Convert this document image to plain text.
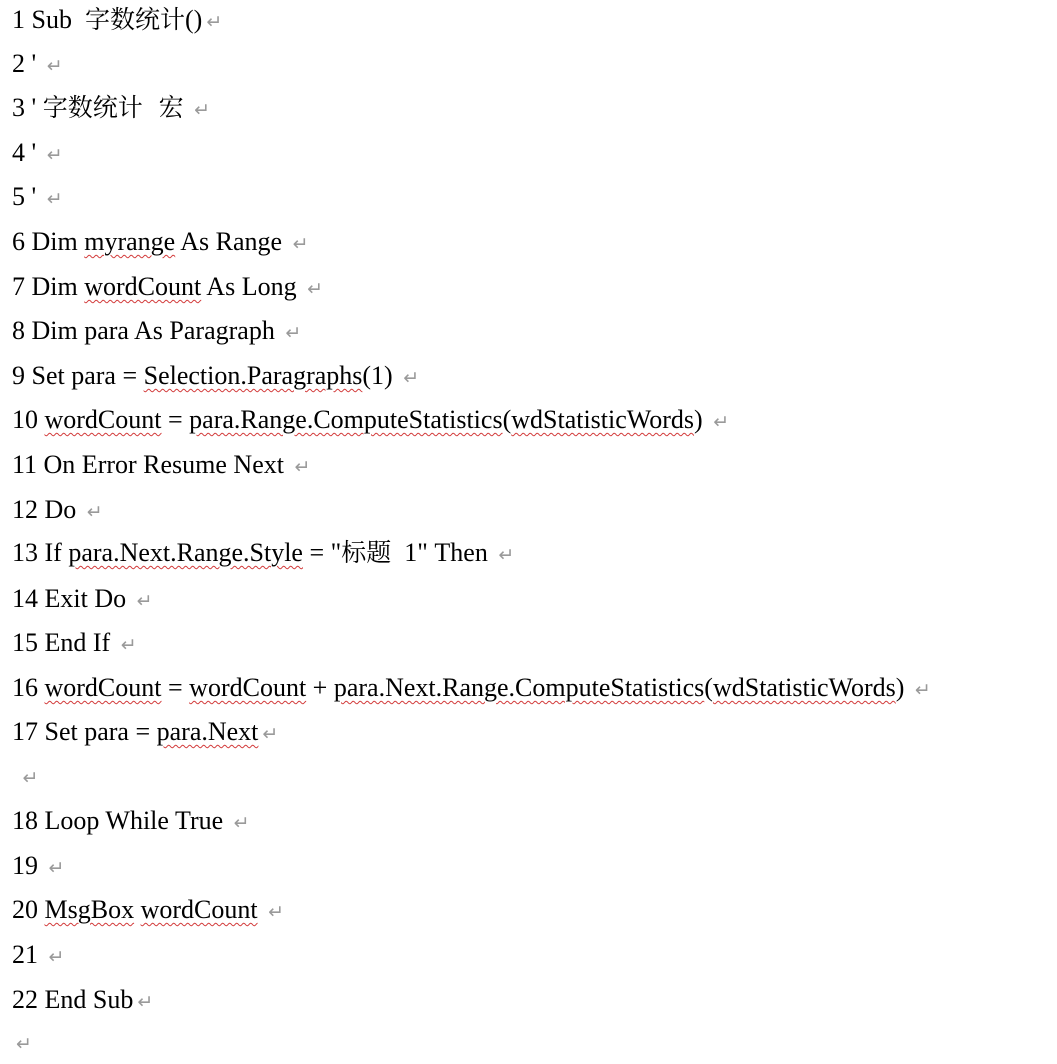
1 Sub  字数统计() ↵
2 ' ↵
3 ' 字数统计  宏 ↵
4 ' ↵
5 ' ↵
6 Dim myrange As Range ↵
7 Dim wordCount As Long ↵
8 Dim para As Paragraph ↵
9 Set para = Selection.Paragraphs(1) ↵
10 wordCount = para.Range.ComputeStatistics(wdStatisticWords) ↵
11 On Error Resume Next ↵
12 Do ↵
13 If para.Next.Range.Style = "标题  1" Then ↵
14 Exit Do ↵
15 End If ↵
16 wordCount = wordCount + para.Next.Range.ComputeStatistics(wdStatisticWords) ↵
17 Set para = para.Next ↵
↵
18 Loop While True ↵
19 ↵
20 MsgBox wordCount ↵
21 ↵
22 End Sub ↵
↵
